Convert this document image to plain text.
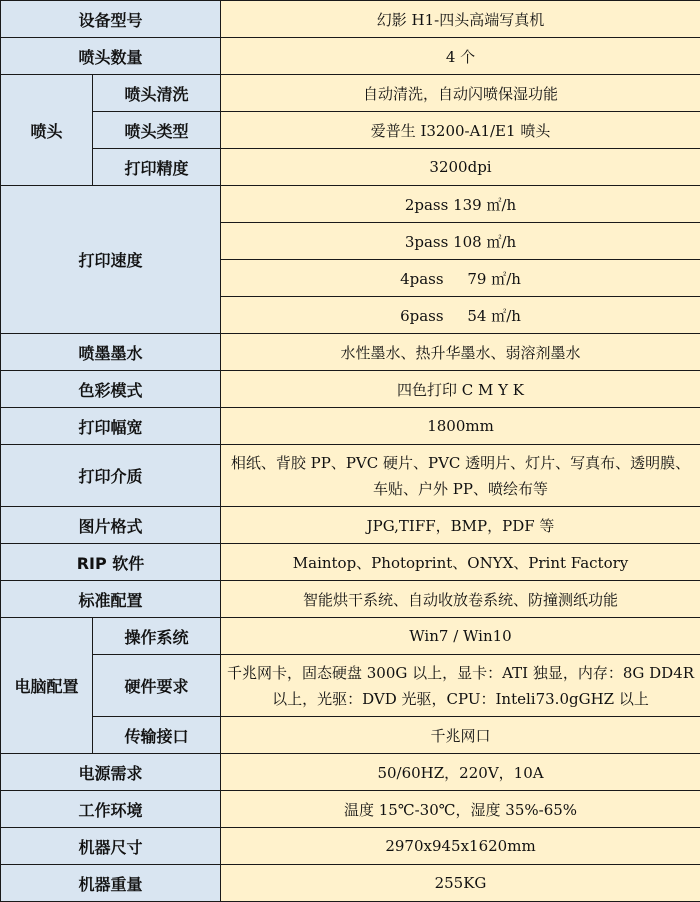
设备型号		幻影 H1-四头高端写真机
喷头数量		4 个
喷头	喷头清洗	自动清洗，自动闪喷保湿功能
	喷头类型	爱普生 I3200-A1/E1 喷头
	打印精度	3200dpi
打印速度		2pass 139 ㎡/h
		3pass 108 ㎡/h
		4pass     79 ㎡/h
		6pass     54 ㎡/h
喷墨墨水		水性墨水、热升华墨水、弱溶剂墨水
色彩模式		四色打印 C M Y K
打印幅宽		1800mm
打印介质		相纸、背胶 PP、PVC 硬片、PVC 透明片、灯片、写真布、透明膜、
车贴、户外 PP、喷绘布等

图片格式		JPG,TIFF，BMP，PDF 等
RIP 软件		Maintop、Photoprint、ONYX、Print Factory
标准配置		智能烘干系统、自动收放卷系统、防撞测纸功能
电脑配置	操作系统	Win7 / Win10
	硬件要求	千兆网卡，固态硬盘 300G 以上，显卡：ATI 独显，内存：8G DD4R
以上，光驱：DVD 光驱，CPU：Inteli73.0gGHZ 以上

	传输接口	千兆网口
电源需求		50/60HZ，220V，10A
工作环境		温度 15℃-30℃，湿度 35%-65%
机器尺寸		2970x945x1620mm
机器重量		255KG
